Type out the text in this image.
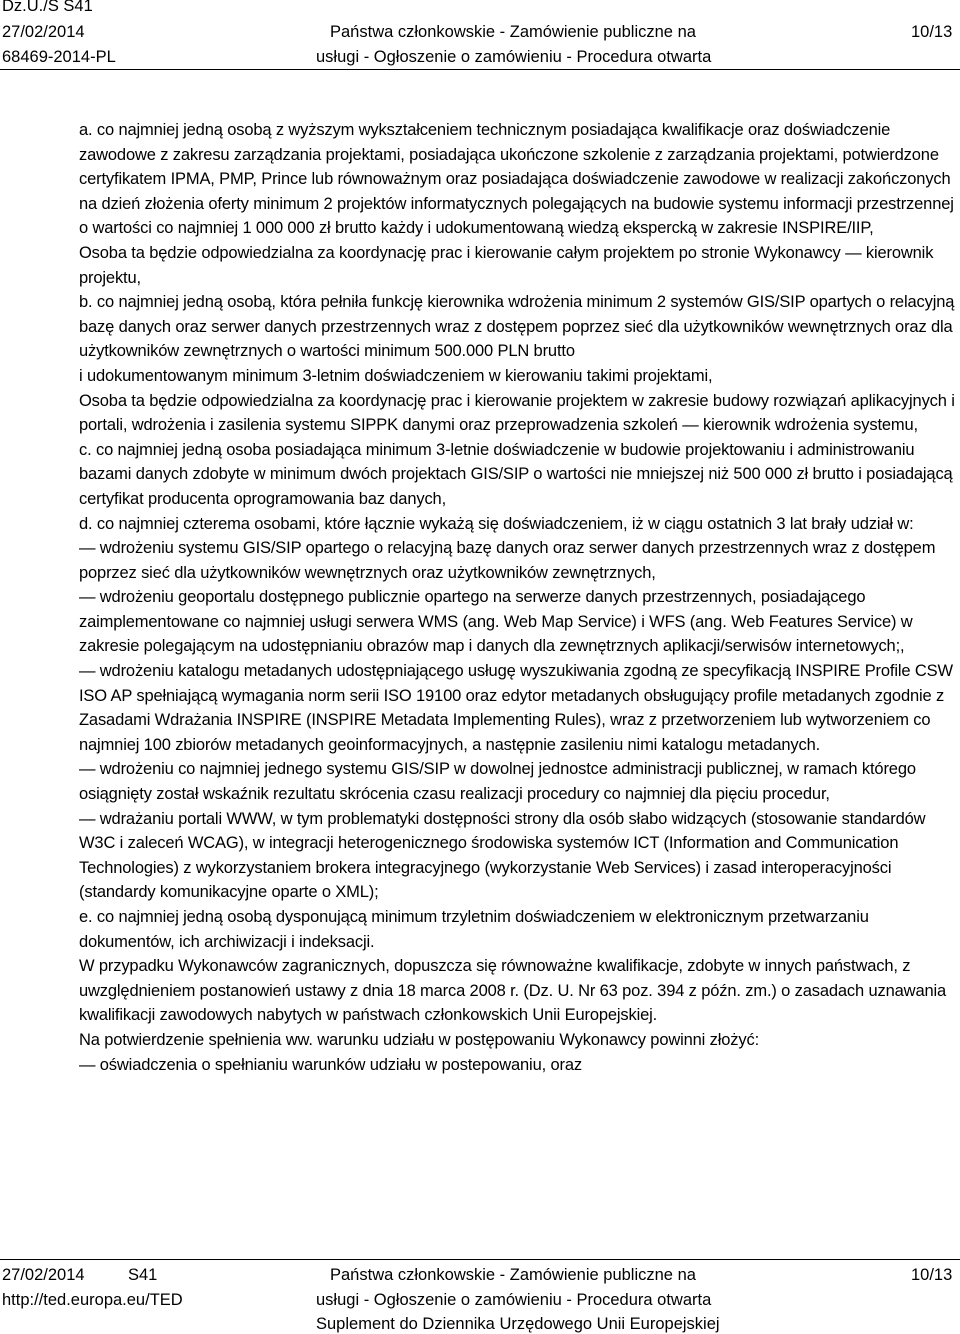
Dz.U./S S41
27/02/2014
68469-2014-PL
Państwa członkowskie - Zamówienie publiczne na
usługi - Ogłoszenie o zamówieniu - Procedura otwarta
10/13

a. co najmniej jedną osobą z wyższym wykształceniem technicznym posiadająca kwalifikacje oraz doświadczenie zawodowe z zakresu zarządzania projektami, posiadająca ukończone szkolenie z zarządzania projektami, potwierdzone certyfikatem IPMA, PMP, Prince lub równoważnym oraz posiadająca doświadczenie zawodowe w realizacji zakończonych na dzień złożenia oferty minimum 2 projektów informatycznych polegających na budowie systemu informacji przestrzennej o wartości co najmniej 1 000 000 zł brutto każdy i udokumentowaną wiedzą ekspercką w zakresie INSPIRE/IIP,

Osoba ta będzie odpowiedzialna za koordynację prac i kierowanie całym projektem po stronie Wykonawcy — kierownik projektu,

b. co najmniej jedną osobą, która pełniła funkcję kierownika wdrożenia minimum 2 systemów GIS/SIP opartych o relacyjną bazę danych oraz serwer danych przestrzennych wraz z dostępem poprzez sieć dla użytkowników wewnętrznych oraz dla użytkowników zewnętrznych o wartości minimum 500.000 PLN brutto

i udokumentowanym minimum 3-letnim doświadczeniem w kierowaniu takimi projektami,

Osoba ta będzie odpowiedzialna za koordynację prac i kierowanie projektem w zakresie budowy rozwiązań aplikacyjnych i portali, wdrożenia i zasilenia systemu SIPPK danymi oraz przeprowadzenia szkoleń — kierownik wdrożenia systemu,

c. co najmniej jedną osoba posiadająca minimum 3-letnie doświadczenie w budowie projektowaniu i administrowaniu bazami danych zdobyte w minimum dwóch projektach GIS/SIP o wartości nie mniejszej niż 500 000 zł brutto i posiadającą certyfikat producenta oprogramowania baz danych,

d. co najmniej czterema osobami, które łącznie wykażą się doświadczeniem, iż w ciągu ostatnich 3 lat brały udział w:

— wdrożeniu systemu GIS/SIP opartego o relacyjną bazę danych oraz serwer danych przestrzennych wraz z dostępem poprzez sieć dla użytkowników wewnętrznych oraz użytkowników zewnętrznych,

— wdrożeniu geoportalu dostępnego publicznie opartego na serwerze danych przestrzennych, posiadającego zaimplementowane co najmniej usługi serwera WMS (ang. Web Map Service) i WFS (ang. Web Features Service) w zakresie polegającym na udostępnianiu obrazów map i danych dla zewnętrznych aplikacji/serwisów internetowych;,

— wdrożeniu katalogu metadanych udostępniającego usługę wyszukiwania zgodną ze specyfikacją INSPIRE Profile CSW ISO AP spełniającą wymagania norm serii ISO 19100 oraz edytor metadanych obsługujący profile metadanych zgodnie z Zasadami Wdrażania INSPIRE (INSPIRE Metadata Implementing Rules), wraz z przetworzeniem lub wytworzeniem co najmniej 100 zbiorów metadanych geoinformacyjnych, a następnie zasileniu nimi katalogu metadanych.

— wdrożeniu co najmniej jednego systemu GIS/SIP w dowolnej jednostce administracji publicznej, w ramach którego osiągnięty został wskaźnik rezultatu skrócenia czasu realizacji procedury co najmniej dla pięciu procedur,

— wdrażaniu portali WWW, w tym problematyki dostępności strony dla osób słabo widzących (stosowanie standardów W3C i zaleceń WCAG), w integracji heterogenicznego środowiska systemów ICT (Information and Communication Technologies) z wykorzystaniem brokera integracyjnego (wykorzystanie Web Services) i zasad interoperacyjności (standardy komunikacyjne oparte o XML);

e. co najmniej jedną osobą dysponującą minimum trzyletnim doświadczeniem w elektronicznym przetwarzaniu dokumentów, ich archiwizacji i indeksacji.

W przypadku Wykonawców zagranicznych, dopuszcza się równoważne kwalifikacje, zdobyte w innych państwach, z uwzględnieniem postanowień ustawy z dnia 18 marca 2008 r. (Dz. U. Nr 63 poz. 394 z późn. zm.) o zasadach uznawania kwalifikacji zawodowych nabytych w państwach członkowskich Unii Europejskiej.

Na potwierdzenie spełnienia ww. warunku udziału w postępowaniu Wykonawcy powinni złożyć:

— oświadczenia o spełnianiu warunków udziału w postepowaniu, oraz

27/02/2014	S41
http://ted.europa.eu/TED
Państwa członkowskie - Zamówienie publiczne na
usługi - Ogłoszenie o zamówieniu - Procedura otwarta
Suplement do Dziennika Urzędowego Unii Europejskiej
10/13
